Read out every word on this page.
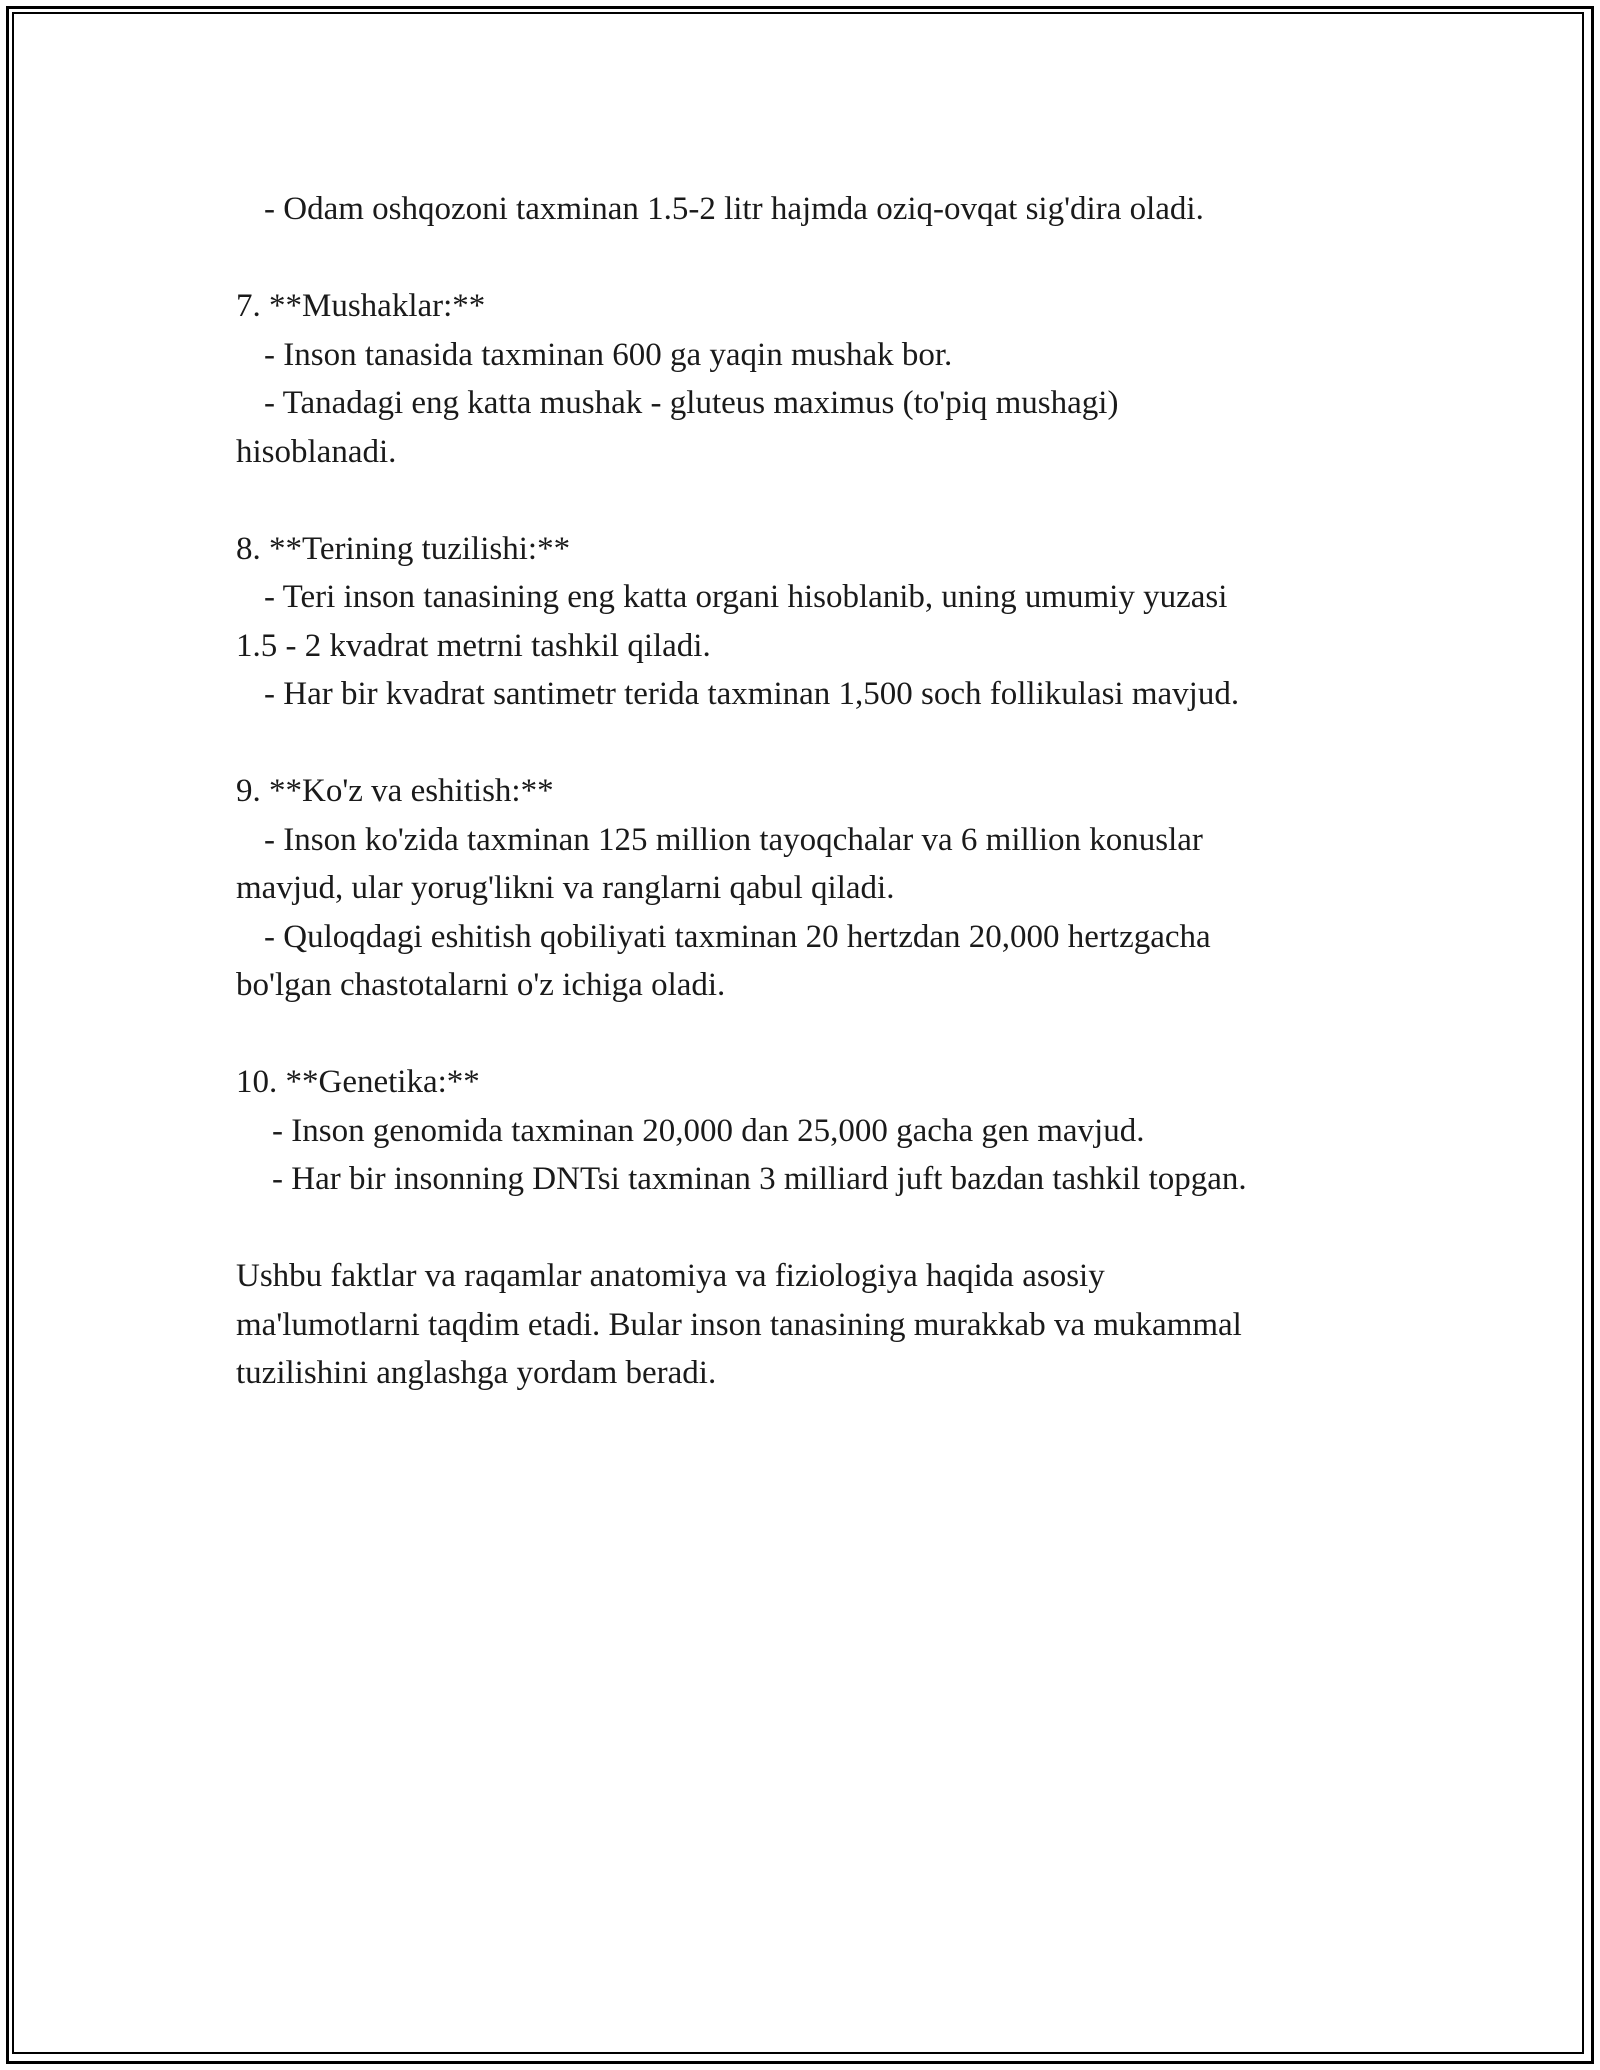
- Odam oshqozoni taxminan 1.5-2 litr hajmda oziq-ovqat sig'dira oladi.
7. **Mushaklar:**
- Inson tanasida taxminan 600 ga yaqin mushak bor.
- Tanadagi eng katta mushak - gluteus maximus (to'piq mushagi)
hisoblanadi.
8. **Terining tuzilishi:**
- Teri inson tanasining eng katta organi hisoblanib, uning umumiy yuzasi
1.5 - 2 kvadrat metrni tashkil qiladi.
- Har bir kvadrat santimetr terida taxminan 1,500 soch follikulasi mavjud.
9. **Ko'z va eshitish:**
- Inson ko'zida taxminan 125 million tayoqchalar va 6 million konuslar
mavjud, ular yorug'likni va ranglarni qabul qiladi.
- Quloqdagi eshitish qobiliyati taxminan 20 hertzdan 20,000 hertzgacha
bo'lgan chastotalarni o'z ichiga oladi.
10. **Genetika:**
- Inson genomida taxminan 20,000 dan 25,000 gacha gen mavjud.
- Har bir insonning DNTsi taxminan 3 milliard juft bazdan tashkil topgan.
Ushbu faktlar va raqamlar anatomiya va fiziologiya haqida asosiy
ma'lumotlarni taqdim etadi. Bular inson tanasining murakkab va mukammal
tuzilishini anglashga yordam beradi.
